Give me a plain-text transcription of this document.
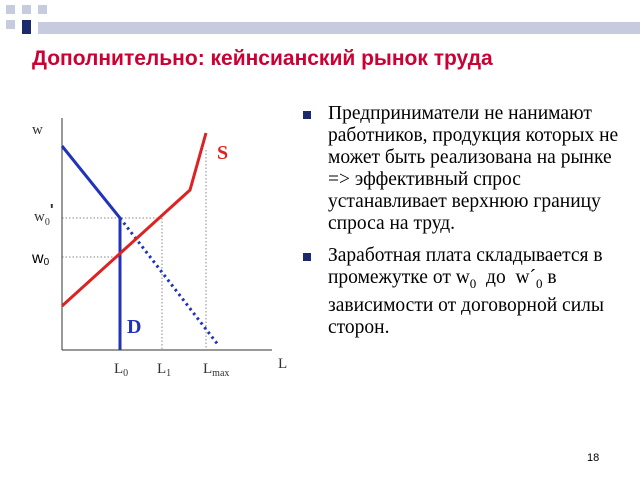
Дополнительно: кейнсианский рынок труда
w
L
$w_0'$
w0
$L_0$ $L_1$ $L_{max}$
S
D
Предприниматели не нанимают работников, продукция которых не может быть реализована на рынке => эффективный спрос устанавливает верхнюю границу спроса на труд.
Заработная плата складывается в промежутке от $w_0$  до  $w´_0$ в зависимости от договорной силы сторон.
18
